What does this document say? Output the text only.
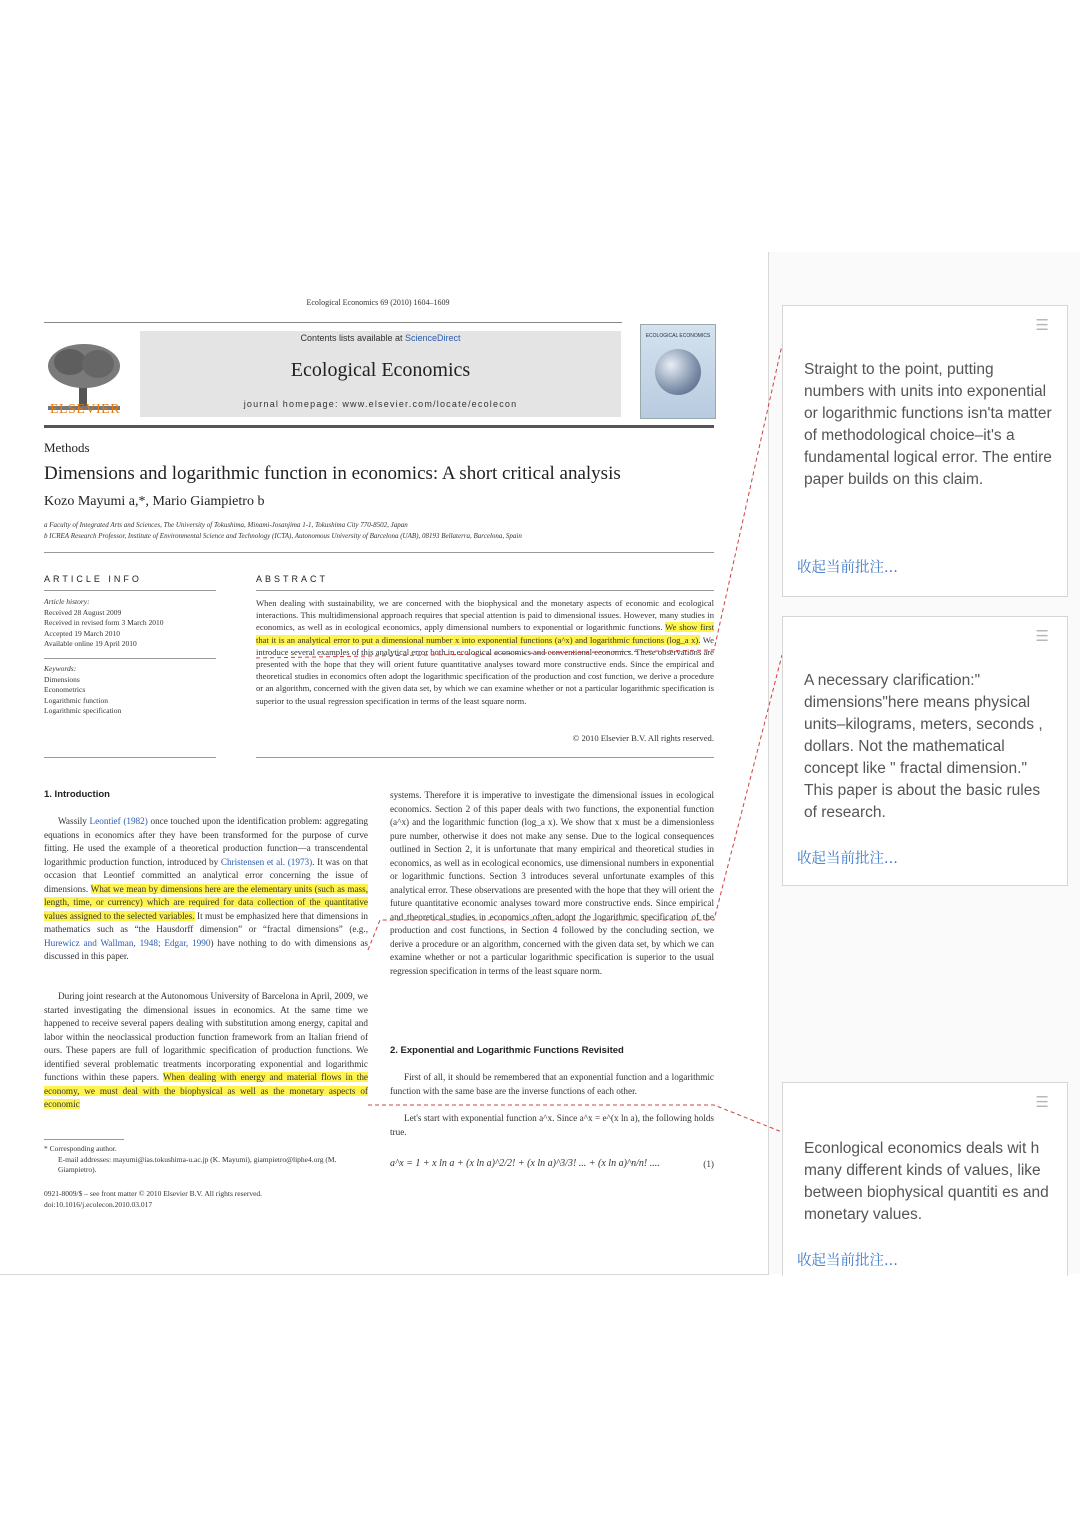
Ecological Economics 69 (2010) 1604–1609
ELSEVIER
Contents lists available at ScienceDirect
Ecological Economics
journal homepage: www.elsevier.com/locate/ecolecon
ECOLOGICAL ECONOMICS
Methods
Dimensions and logarithmic function in economics: A short critical analysis
Kozo Mayumi a,*, Mario Giampietro b
a Faculty of Integrated Arts and Sciences, The University of Tokushima, Minami-Josanjima 1-1, Tokushima City 770-8502, Japan
b ICREA Research Professor, Institute of Environmental Science and Technology (ICTA), Autonomous University of Barcelona (UAB), 08193 Bellaterra, Barcelona, Spain
ARTICLE INFO
Article history:
Received 28 August 2009
Received in revised form 3 March 2010
Accepted 19 March 2010
Available online 19 April 2010
Keywords:
Dimensions
Econometrics
Logarithmic function
Logarithmic specification
ABSTRACT
When dealing with sustainability, we are concerned with the biophysical and the monetary aspects of economic and ecological interactions. This multidimensional approach requires that special attention is paid to dimensional issues. However, many studies in economics, as well as in ecological economics, apply dimensional numbers to exponential or logarithmic functions. We show first that it is an analytical error to put a dimensional number x into exponential functions (a^x) and logarithmic functions (log_a x). We introduce several examples of this analytical error both in ecological economics and conventional economics. These observations are presented with the hope that they will orient future quantitative analyses toward more constructive ends. Since the empirical and theoretical studies in economics often adopt the logarithmic specification of the production and cost function, we derive a procedure or an algorithm, concerned with the given data set, by which we can examine whether or not a particular logarithmic specification is superior to the usual regression specification in terms of the least square norm.
© 2010 Elsevier B.V. All rights reserved.
1. Introduction
Wassily Leontief (1982) once touched upon the identification problem: aggregating equations in economics after they have been transformed for the purpose of curve fitting. He used the example of a theoretical production function—a transcendental logarithmic production function, introduced by Christensen et al. (1973). It was on that occasion that Leontief committed an analytical error concerning the issue of dimensions. What we mean by dimensions here are the elementary units (such as mass, length, time, or currency) which are required for data collection of the quantitative values assigned to the selected variables. It must be emphasized here that dimensions in mathematics such as “the Hausdorff dimension” or “fractal dimensions” (e.g., Hurewicz and Wallman, 1948; Edgar, 1990) have nothing to do with dimensions as discussed in this paper.
During joint research at the Autonomous University of Barcelona in April, 2009, we started investigating the dimensional issues in economics. At the same time we happened to receive several papers dealing with substitution among energy, capital and labor within the neoclassical production function framework from an Italian friend of ours. These papers are full of logarithmic specification of production functions. We identified several problematic treatments incorporating exponential and logarithmic functions within these papers. When dealing with energy and material flows in the economy, we must deal with the biophysical as well as the monetary aspects of economic
* Corresponding author.
E-mail addresses: mayumi@ias.tokushima-u.ac.jp (K. Mayumi), giampietro@liphe4.org (M. Giampietro).
0921-8009/$ – see front matter © 2010 Elsevier B.V. All rights reserved.
doi:10.1016/j.ecolecon.2010.03.017
systems. Therefore it is imperative to investigate the dimensional issues in ecological economics. Section 2 of this paper deals with two functions, the exponential function (a^x) and the logarithmic function (log_a x). We show that x must be a dimensionless pure number, otherwise it does not make any sense. Due to the logical consequences outlined in Section 2, it is unfortunate that many empirical and theoretical studies in economics, as well as in ecological economics, use dimensional numbers in exponential or logarithmic functions. Section 3 introduces several unfortunate examples of this analytical error. These observations are presented with the hope that they will orient the future quantitative economic analyses toward more constructive ends. Since empirical and theoretical studies in economics often adopt the logarithmic specification of the production and cost functions, in Section 4 followed by the concluding section, we derive a procedure or an algorithm, concerned with the given data set, by which we can examine whether or not a particular logarithmic specification is superior to the usual regression specification in terms of the least square norm.
2. Exponential and Logarithmic Functions Revisited
First of all, it should be remembered that an exponential function and a logarithmic function with the same base are the inverse functions of each other.
Let's start with exponential function a^x. Since a^x = e^(x ln a), the following holds true.
a^x = 1 + x ln a + (x ln a)^2/2! + (x ln a)^3/3! ... + (x ln a)^n/n! ....	(1)
☰
Straight to the point, putting numbers with units into exponential or logarithmic functions isn'ta matter of methodological choice–it's a fundamental logical error. The entire paper builds on this claim.
收起当前批注...
☰
A necessary clarification:" dimensions"here means physical units–kilograms, meters, seconds , dollars. Not the mathematical concept like " fractal dimension." This paper is about the basic rules of research.
收起当前批注...
☰
Econlogical economics deals wit h many different kinds of values, like between biophysical quantiti es and monetary values.
收起当前批注...
